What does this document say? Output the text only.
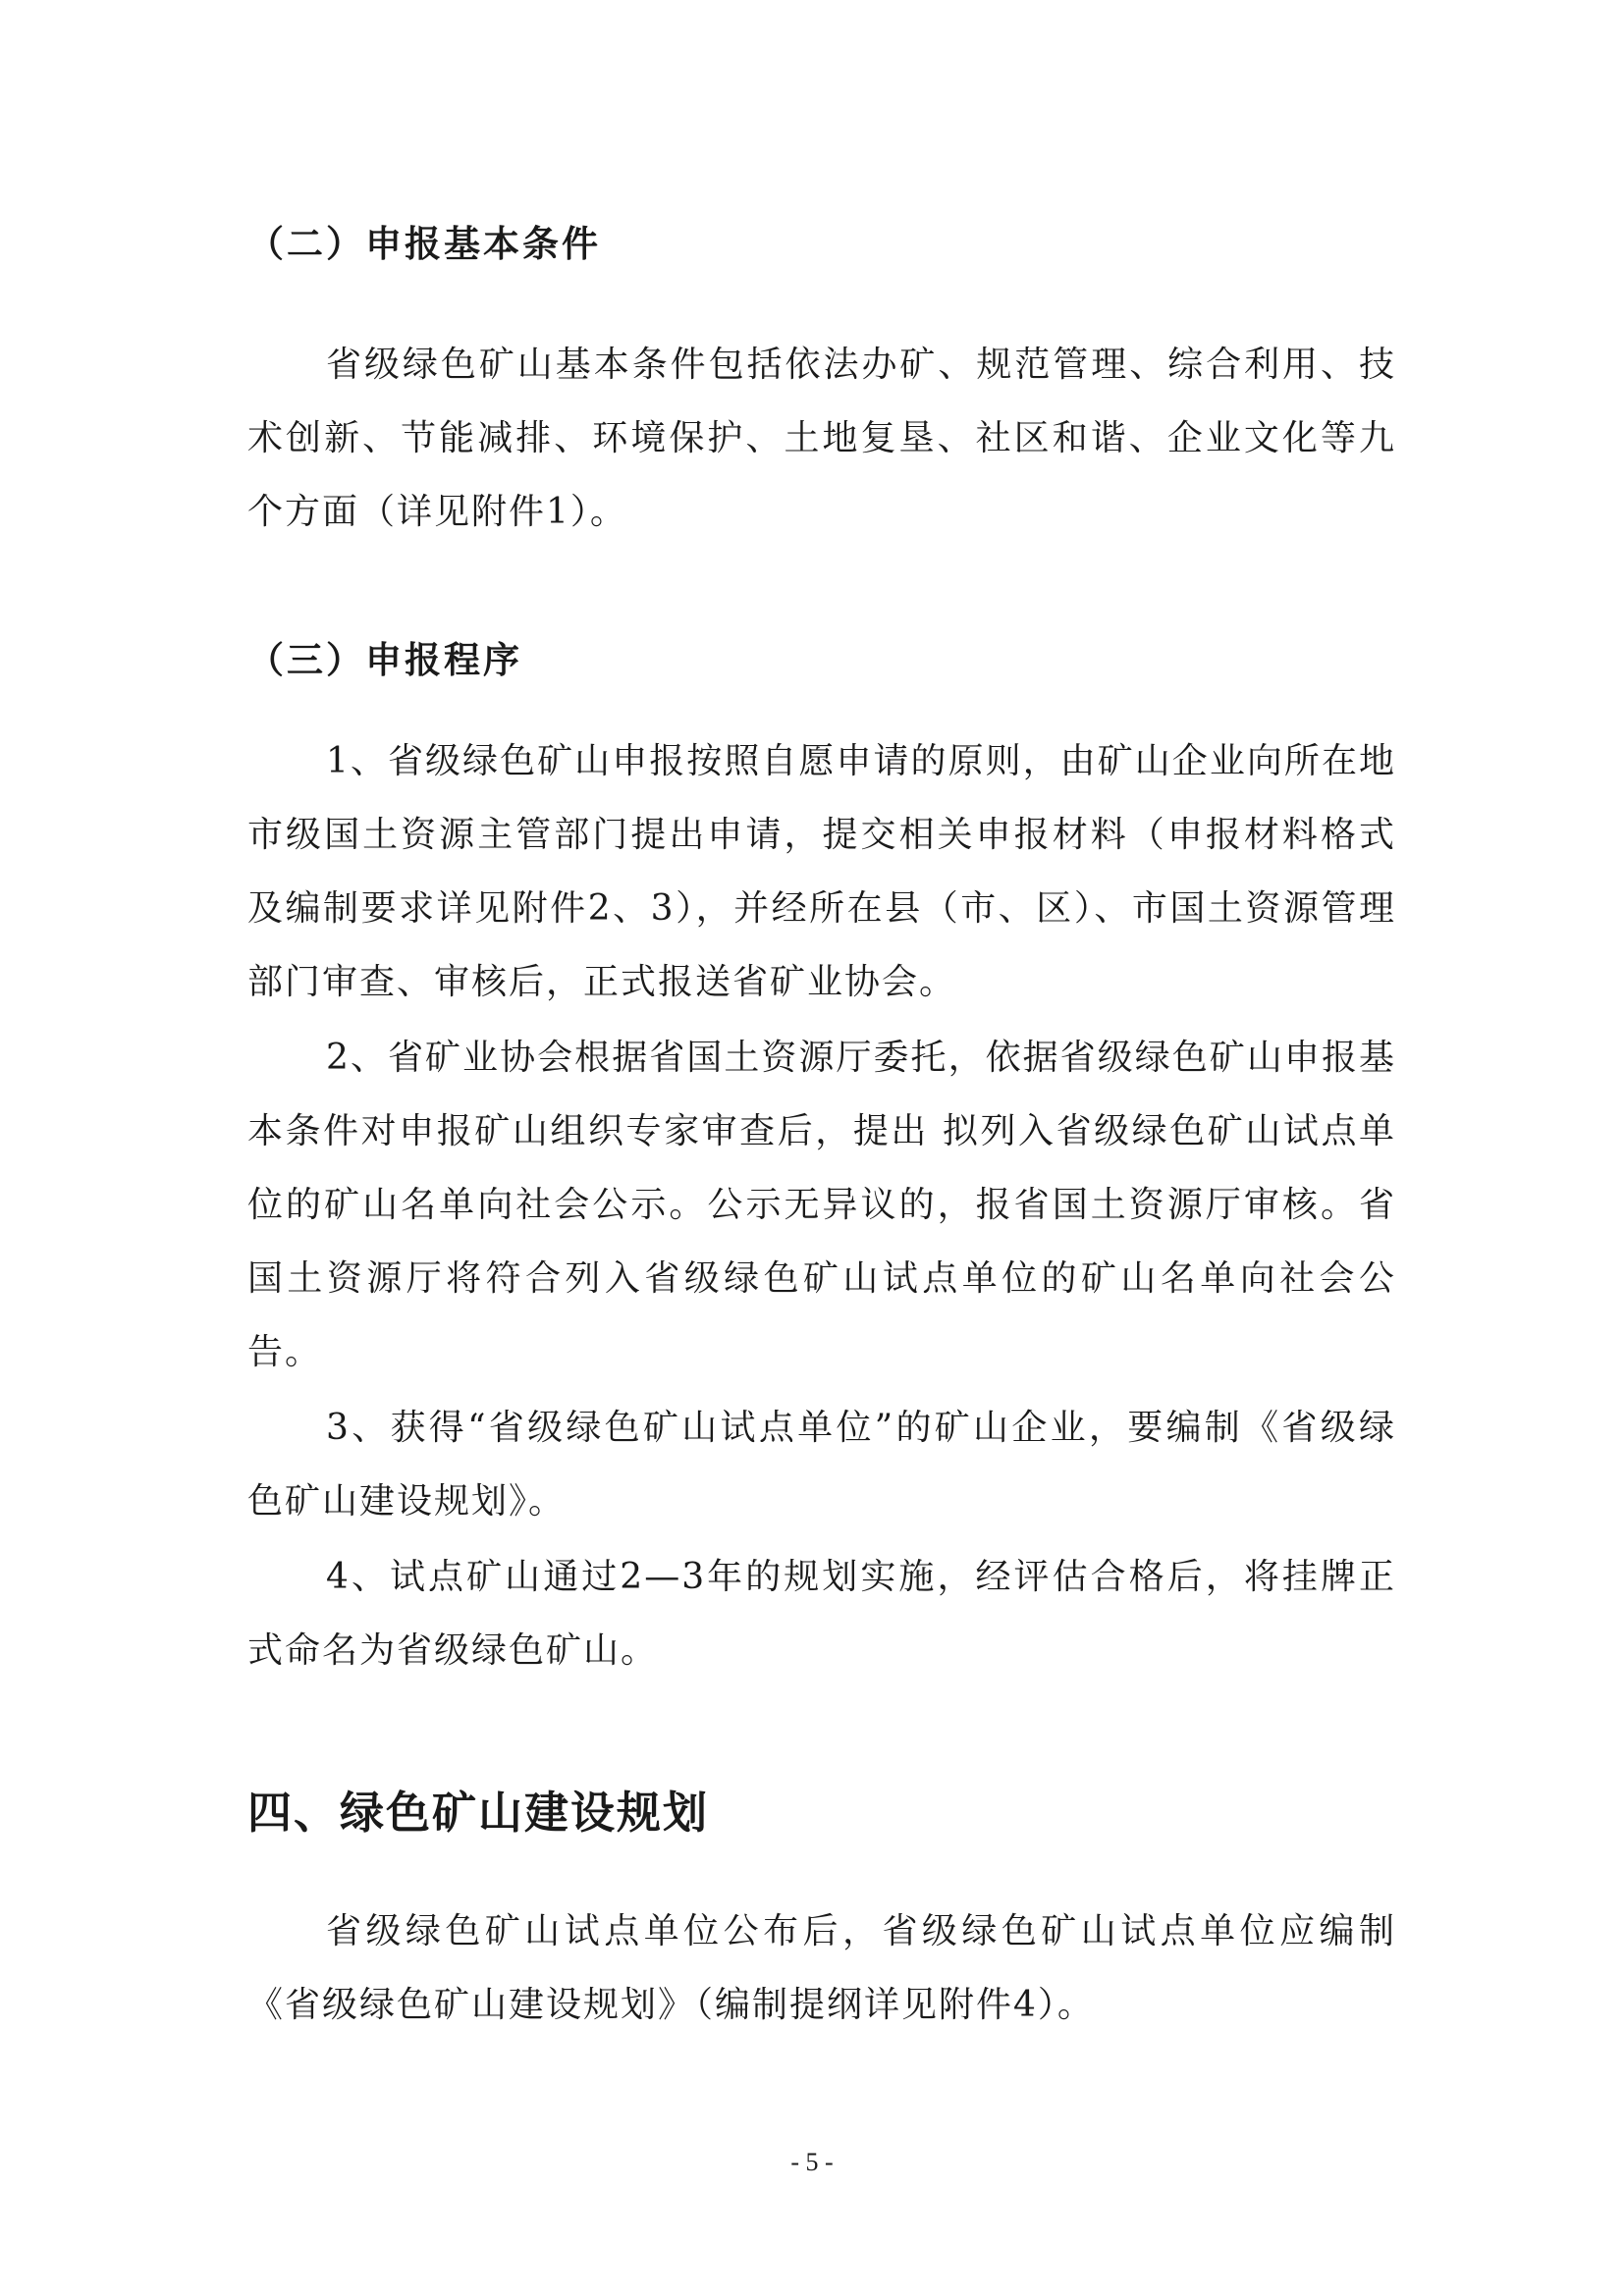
（二）申报基本条件

省级绿色矿山基本条件包括依法办矿、规范管理、综合利用、技术创新、节能减排、环境保护、土地复垦、社区和谐、企业文化等九个方面（详见附件1）。

（三）申报程序

1、省级绿色矿山申报按照自愿申请的原则，由矿山企业向所在地市级国土资源主管部门提出申请，提交相关申报材料（申报材料格式及编制要求详见附件2、3），并经所在县（市、区）、市国土资源管理部门审查、审核后，正式报送省矿业协会。

2、省矿业协会根据省国土资源厅委托，依据省级绿色矿山申报基本条件对申报矿山组织专家审查后，提出 拟列入省级绿色矿山试点单位的矿山名单向社会公示。公示无异议的，报省国土资源厅审核。省国土资源厅将符合列入省级绿色矿山试点单位的矿山名单向社会公告。

3、获得“省级绿色矿山试点单位”的矿山企业，要编制《省级绿色矿山建设规划》。

4、试点矿山通过2—3年的规划实施，经评估合格后，将挂牌正式命名为省级绿色矿山。

四、绿色矿山建设规划

省级绿色矿山试点单位公布后，省级绿色矿山试点单位应编制《省级绿色矿山建设规划》（编制提纲详见附件4）。

- 5 -
